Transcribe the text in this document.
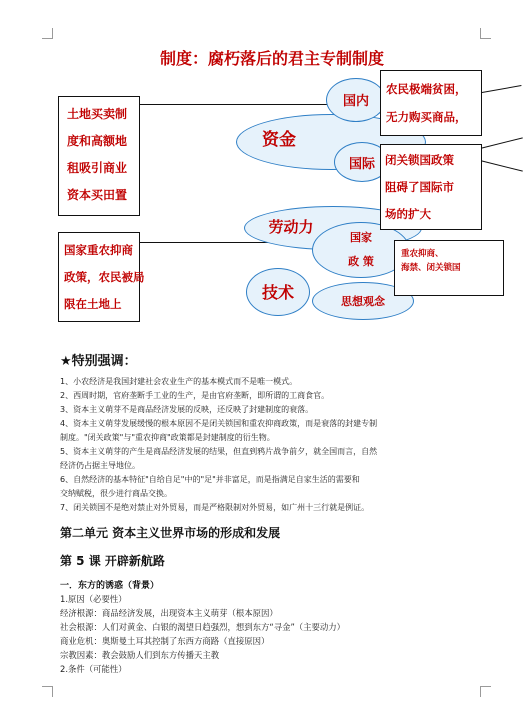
制度：腐朽落后的君主专制制度
资金
国内
国际
劳动力
国家
政 策
技术	思想观念
土地买卖制
度和高额地
租吸引商业
资本买田置
国家重农抑商
政策，农民被局
限在土地上
农民极端贫困，
无力购买商品，
闭关锁国政策
阻碍了国际市
场的扩大
重农抑商、
海禁、闭关锁国
★特别强调：
1、小农经济是我国封建社会农业生产的基本模式而不是唯一模式。
2、西周时期，官府垄断手工业的生产，是由官府垄断，即所谓的工商食官。
3、资本主义萌芽不是商品经济发展的反映，还反映了封建制度的衰落。
4、资本主义萌芽发展缓慢的根本原因不是闭关锁国和重农抑商政策，而是衰落的封建专制
制度。"闭关政策"与"重农抑商"政策都是封建制度的衍生物。
5、资本主义萌芽的产生是商品经济发展的结果，但直到鸦片战争前夕，就全国而言，自然
经济仍占据主导地位。
6、自然经济的基本特征"自给自足"中的"足"并非富足，而是指满足自家生活的需要和
交纳赋税，很少进行商品交换。
7、闭关锁国不是绝对禁止对外贸易，而是严格限制对外贸易，如广州十三行就是例证。
第二单元 资本主义世界市场的形成和发展
第 5 课 开辟新航路
一．东方的诱惑（背景）
1.原因（必要性）
经济根源：商品经济发展，出现资本主义萌芽（根本原因）
社会根源：人们对黄金、白银的渴望日趋强烈，想到东方“寻金”（主要动力）
商业危机：奥斯曼土耳其控制了东西方商路（直接原因）
宗教因素：教会鼓励人们到东方传播天主教
2.条件（可能性）
